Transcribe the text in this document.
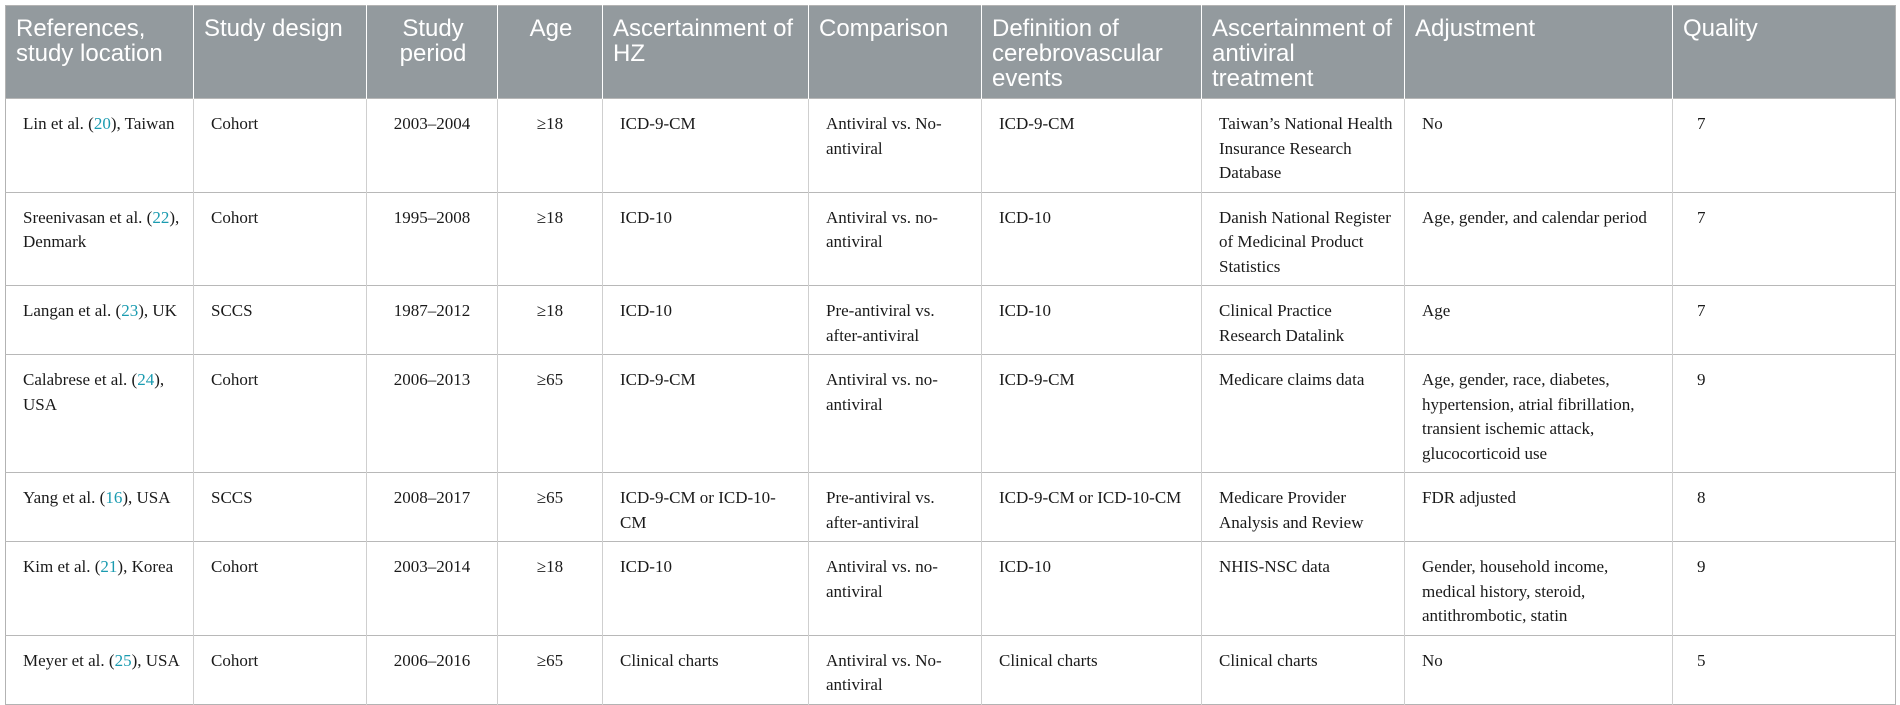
References, study location	Study design	Study period	Age	Ascertainment of HZ	Comparison	Definition of cerebrovascular events	Ascertainment of antiviral treatment	Adjustment	Quality
Lin et al. (20), Taiwan	Cohort	2003–2004	≥18	ICD-9-CM	Antiviral vs. No-antiviral	ICD-9-CM	Taiwan’s National Health Insurance Research Database	No	7
Sreenivasan et al. (22), Denmark	Cohort	1995–2008	≥18	ICD-10	Antiviral vs. no-antiviral	ICD-10	Danish National Register of Medicinal Product Statistics	Age, gender, and calendar period	7
Langan et al. (23), UK	SCCS	1987–2012	≥18	ICD-10	Pre-antiviral vs. after-antiviral	ICD-10	Clinical Practice Research Datalink	Age	7
Calabrese et al. (24), USA	Cohort	2006–2013	≥65	ICD-9-CM	Antiviral vs. no-antiviral	ICD-9-CM	Medicare claims data	Age, gender, race, diabetes, hypertension, atrial fibrillation, transient ischemic attack, glucocorticoid use	9
Yang et al. (16), USA	SCCS	2008–2017	≥65	ICD-9-CM or ICD-10-CM	Pre-antiviral vs. after-antiviral	ICD-9-CM or ICD-10-CM	Medicare Provider Analysis and Review	FDR adjusted	8
Kim et al. (21), Korea	Cohort	2003–2014	≥18	ICD-10	Antiviral vs. no-antiviral	ICD-10	NHIS-NSC data	Gender, household income, medical history, steroid, antithrombotic, statin	9
Meyer et al. (25), USA	Cohort	2006–2016	≥65	Clinical charts	Antiviral vs. No-antiviral	Clinical charts	Clinical charts	No	5
